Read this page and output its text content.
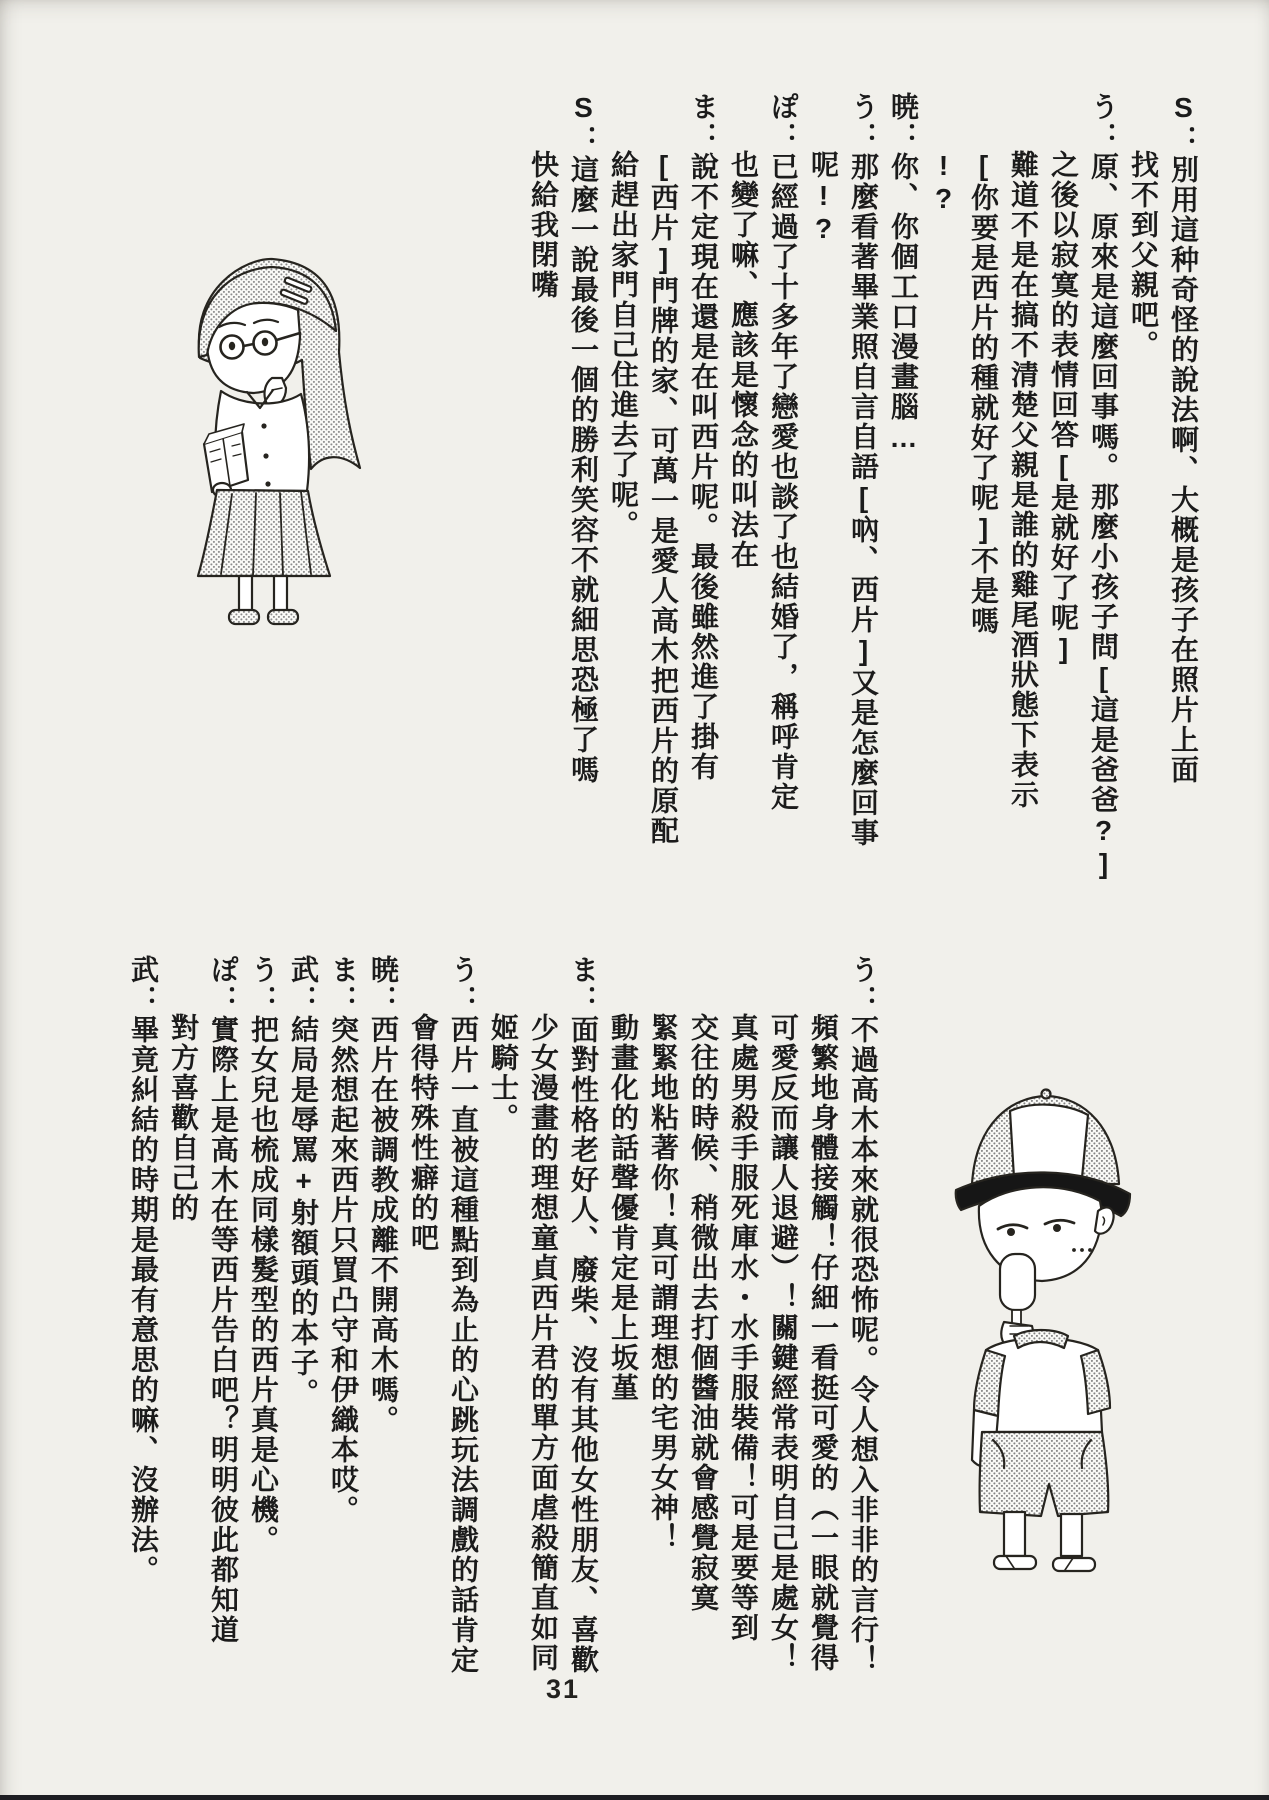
S：別用這种奇怪的說法啊、大概是孩子在照片上面
找不到父親吧。
う：原、原來是這麼回事嗎。那麼小孩子問[這是爸爸?]
之後以寂寞的表情回答[是就好了呢]
難道不是在搞不清楚父親是誰的雞尾酒狀態下表示
[你要是西片的種就好了呢]不是嗎
!?
暁：你、你個工口漫畫腦…
う：那麼看著畢業照自言自語[吶、西片]又是怎麼回事
呢!?
ぽ：已經過了十多年了戀愛也談了也結婚了，稱呼肯定
也變了嘛、應該是懷念的叫法在
ま：說不定現在還是在叫西片呢。最後雖然進了掛有
[西片]門牌的家、可萬一是愛人高木把西片的原配
給趕出家門自己住進去了呢。
S：這麼一說最後一個的勝利笑容不就細思恐極了嗎
快給我閉嘴
う：不過高木本來就很恐怖呢。令人想入非非的言行！
頻繁地身體接觸！仔細一看挺可愛的（一眼就覺得
可愛反而讓人退避）！關鍵經常表明自己是處女！
真處男殺手服死庫水・水手服裝備！可是要等到
交往的時候、稍微出去打個醬油就會感覺寂寞
緊緊地粘著你！真可謂理想的宅男女神！
動畫化的話聲優肯定是上坂堇
ま：面對性格老好人、廢柴、沒有其他女性朋友、喜歡
少女漫畫的理想童貞西片君的單方面虐殺簡直如同
姬騎士。
う：西片一直被這種點到為止的心跳玩法調戲的話肯定
會得特殊性癖的吧
暁：西片在被調教成離不開高木嗎。
ま：突然想起來西片只買凸守和伊織本哎。
武：結局是辱罵+射額頭的本子。
う：把女兒也梳成同樣髮型的西片真是心機。
ぽ：實際上是高木在等西片告白吧？明明彼此都知道
對方喜歡自己的
武：畢竟糾結的時期是最有意思的嘛、沒辦法。
31
